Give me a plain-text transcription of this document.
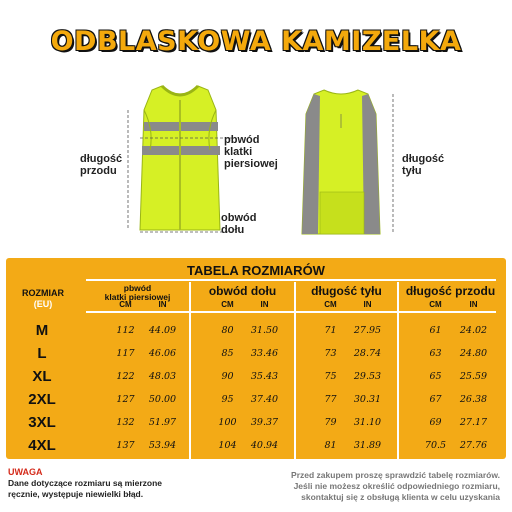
ODBLASKOWA KAMIZELKA
długość
przodu
pbwód
klatki
piersiowej
obwód
dołu
długość
tyłu
TABELA ROZMIARÓW
ROZMIAR
(EU)
pbwód
klatki piersiowej	obwód dołu	długość tyłu	długość przodu
CM	IN	CM	IN	CM	IN	CM	IN
M	112	44.09	80	31.50	71	27.95	61	24.02
L	117	46.06	85	33.46	73	28.74	63	24.80
XL	122	48.03	90	35.43	75	29.53	65	25.59
2XL	127	50.00	95	37.40	77	30.31	67	26.38
3XL	132	51.97	100	39.37	79	31.10	69	27.17
4XL	137	53.94	104	40.94	81	31.89	70.5	27.76
UWAGA
Dane dotyczące rozmiaru są mierzone
ręcznie, występuje niewielki błąd.
Przed zakupem proszę sprawdzić tabelę rozmiarów.
Jeśli nie możesz określić odpowiedniego rozmiaru,
skontaktuj się z obsługą klienta w celu uzyskania
